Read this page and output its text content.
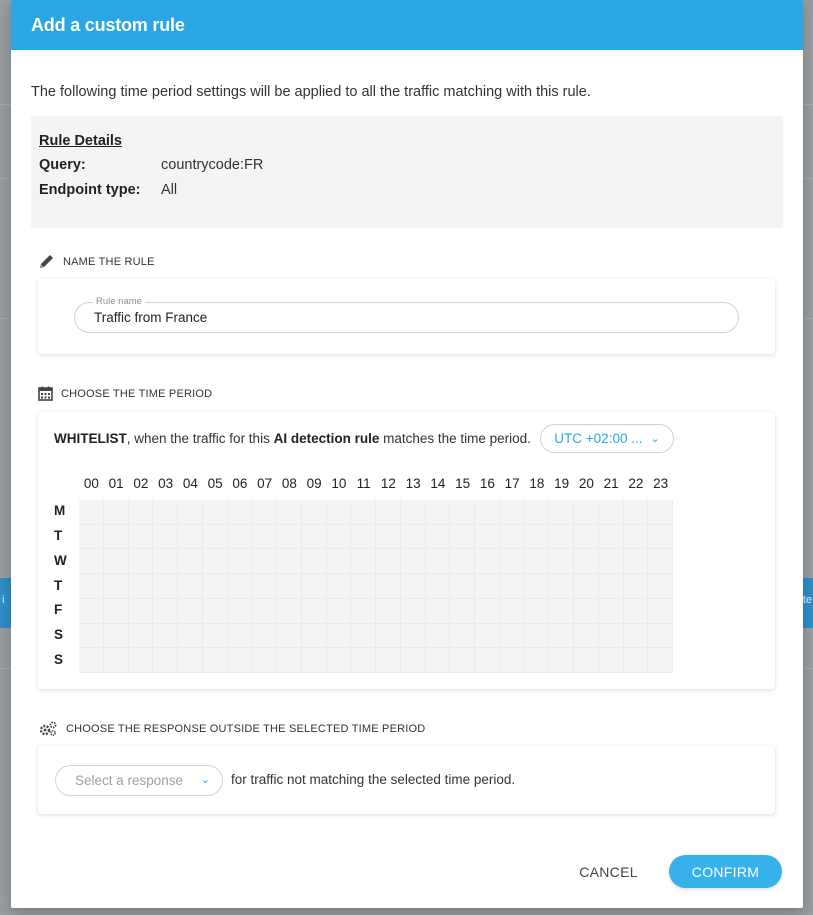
i	te
Add a custom rule
The following time period settings will be applied to all the traffic matching with this rule.
Rule Details
Query:	countrycode:FR
Endpoint type:	All
NAME THE RULE
Rule name
Traffic from France
CHOOSE THE TIME PERIOD
WHITELIST, when the traffic for this AI detection rule matches the time period. UTC +02:00 ... ⌄
00 01 02 03 04 05 06 07 08 09 10 11 12 13 14 15 16 17 18 19 20 21 22 23
M
T
W
T
F
S
S
CHOOSE THE RESPONSE OUTSIDE THE SELECTED TIME PERIOD
Select a response ⌄ for traffic not matching the selected time period.
CANCEL	CONFIRM
